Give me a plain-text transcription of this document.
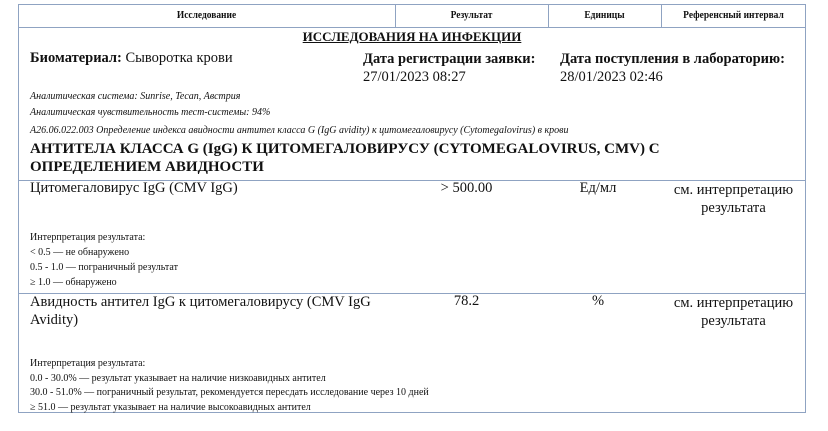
Исследование	Результат	Единицы	Референсный интервал
ИССЛЕДОВАНИЯ НА ИНФЕКЦИИ
Биоматериал: Сыворотка крови	Дата регистрации заявки:
27/01/2023 08:27
Дата поступления в лабораторию:
28/01/2023 02:46
Аналитическая система: Sunrise, Tecan, Австрия
Аналитическая чувствительность тест-системы: 94%
A26.06.022.003 Определение индекса авидности антител класса G (IgG avidity) к цитомегаловирусу (Cytomegalovirus) в крови
АНТИТЕЛА КЛАССА G (IgG) К ЦИТОМЕГАЛОВИРУСУ (CYTOMEGALOVIRUS, CMV) С
ОПРЕДЕЛЕНИЕМ АВИДНОСТИ
Цитомегаловирус IgG (CMV IgG)	> 500.00	Ед/мл	см. интерпретацию
результата
Интерпретация результата:
< 0.5 — не обнаружено
0.5 - 1.0 — пограничный результат
≥ 1.0 — обнаружено
Авидность антител IgG к цитомегаловирусу (CMV IgG
Avidity)
78.2	%	см. интерпретацию
результата
Интерпретация результата:
0.0 - 30.0% — результат указывает на наличие низкоавидных антител
30.0 - 51.0% — пограничный результат, рекомендуется пересдать исследование через 10 дней
≥ 51.0 — результат указывает на наличие высокоавидных антител
